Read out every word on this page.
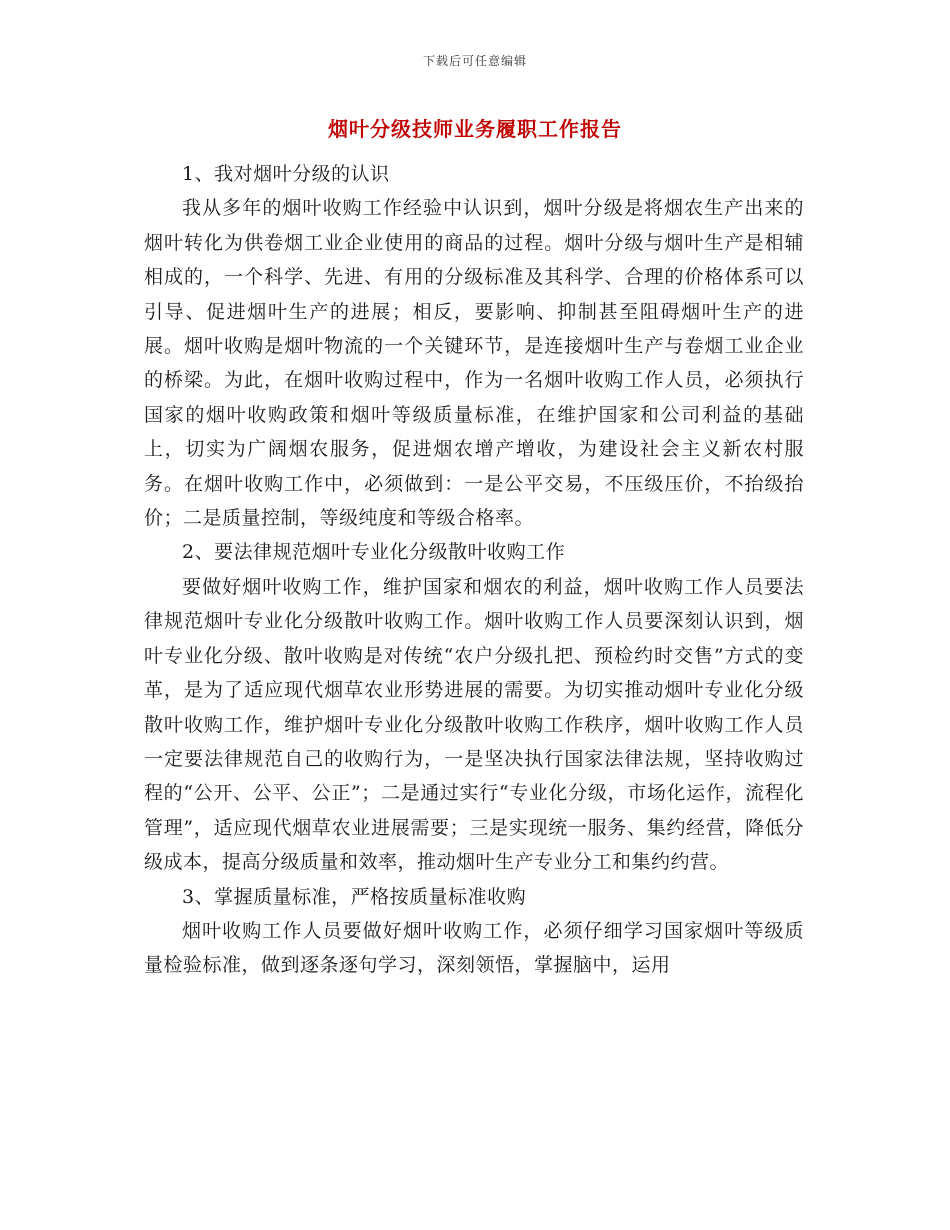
下载后可任意编辑
烟叶分级技师业务履职工作报告

1、我对烟叶分级的认识

我从多年的烟叶收购工作经验中认识到，烟叶分级是将烟农生产出来的烟叶转化为供卷烟工业企业使用的商品的过程。烟叶分级与烟叶生产是相辅相成的，一个科学、先进、有用的分级标准及其科学、合理的价格体系可以引导、促进烟叶生产的进展；相反，要影响、抑制甚至阻碍烟叶生产的进展。烟叶收购是烟叶物流的一个关键环节，是连接烟叶生产与卷烟工业企业的桥梁。为此，在烟叶收购过程中，作为一名烟叶收购工作人员，必须执行国家的烟叶收购政策和烟叶等级质量标准，在维护国家和公司利益的基础上，切实为广阔烟农服务，促进烟农增产增收，为建设社会主义新农村服务。在烟叶收购工作中，必须做到：一是公平交易，不压级压价，不抬级抬价；二是质量控制，等级纯度和等级合格率。

2、要法律规范烟叶专业化分级散叶收购工作

要做好烟叶收购工作，维护国家和烟农的利益，烟叶收购工作人员要法律规范烟叶专业化分级散叶收购工作。烟叶收购工作人员要深刻认识到，烟叶专业化分级、散叶收购是对传统“农户分级扎把、预检约时交售”方式的变革，是为了适应现代烟草农业形势进展的需要。为切实推动烟叶专业化分级散叶收购工作，维护烟叶专业化分级散叶收购工作秩序，烟叶收购工作人员一定要法律规范自己的收购行为，一是坚决执行国家法律法规，坚持收购过程的“公开、公平、公正”；二是通过实行“专业化分级，市场化运作，流程化管理”，适应现代烟草农业进展需要；三是实现统一服务、集约经营，降低分级成本，提高分级质量和效率，推动烟叶生产专业分工和集约约营。

3、掌握质量标准，严格按质量标准收购

烟叶收购工作人员要做好烟叶收购工作，必须仔细学习国家烟叶等级质量检验标准，做到逐条逐句学习，深刻领悟，掌握脑中，运用
